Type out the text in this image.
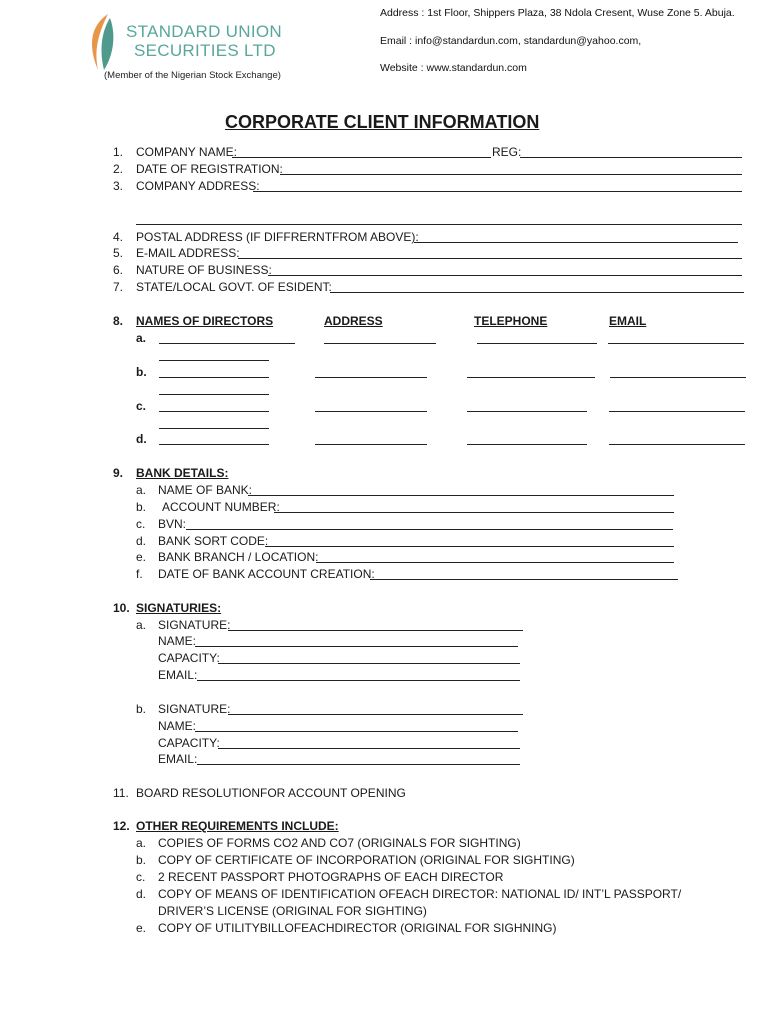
STANDARD UNION
SECURITIES LTD
(Member of the Nigerian Stock Exchange)
Address : 1st Floor, Shippers Plaza, 38 Ndola Cresent, Wuse Zone 5. Abuja.
Email : info@standardun.com, standardun@yahoo.com,
Website : www.standardun.com
CORPORATE CLIENT INFORMATION
1. COMPANY NAME:	REG:
2. DATE OF REGISTRATION:
3. COMPANY ADDRESS:
4. POSTAL ADDRESS (IF DIFFRERNTFROM ABOVE):
5. E-MAIL ADDRESS:
6. NATURE OF BUSINESS:
7. STATE/LOCAL GOVT. OF ESIDENT:
8. NAMES OF DIRECTORS	ADDRESS	TELEPHONE	EMAIL
a.
b.
c.
d.
9. BANK DETAILS:
a. NAME OF BANK:
b. ACCOUNT NUMBER:
c. BVN:
d. BANK SORT CODE:
e. BANK BRANCH / LOCATION:
f. DATE OF BANK ACCOUNT CREATION:
10. SIGNATURIES:
a. SIGNATURE:
NAME:
CAPACITY:
EMAIL:
b. SIGNATURE:
NAME:
CAPACITY:
EMAIL:
11. BOARD RESOLUTIONFOR ACCOUNT OPENING
12. OTHER REQUIREMENTS INCLUDE:
a. COPIES OF FORMS CO2 AND CO7 (ORIGINALS FOR SIGHTING)
b. COPY OF CERTIFICATE OF INCORPORATION (ORIGINAL FOR SIGHTING)
c. 2 RECENT PASSPORT PHOTOGRAPHS OF EACH DIRECTOR
d. COPY OF MEANS OF IDENTIFICATION OFEACH DIRECTOR: NATIONAL ID/ INT’L PASSPORT/
DRIVER’S LICENSE (ORIGINAL FOR SIGHTING)
e. COPY OF UTILITYBILLOFEACHDIRECTOR (ORIGINAL FOR SIGHNING)
